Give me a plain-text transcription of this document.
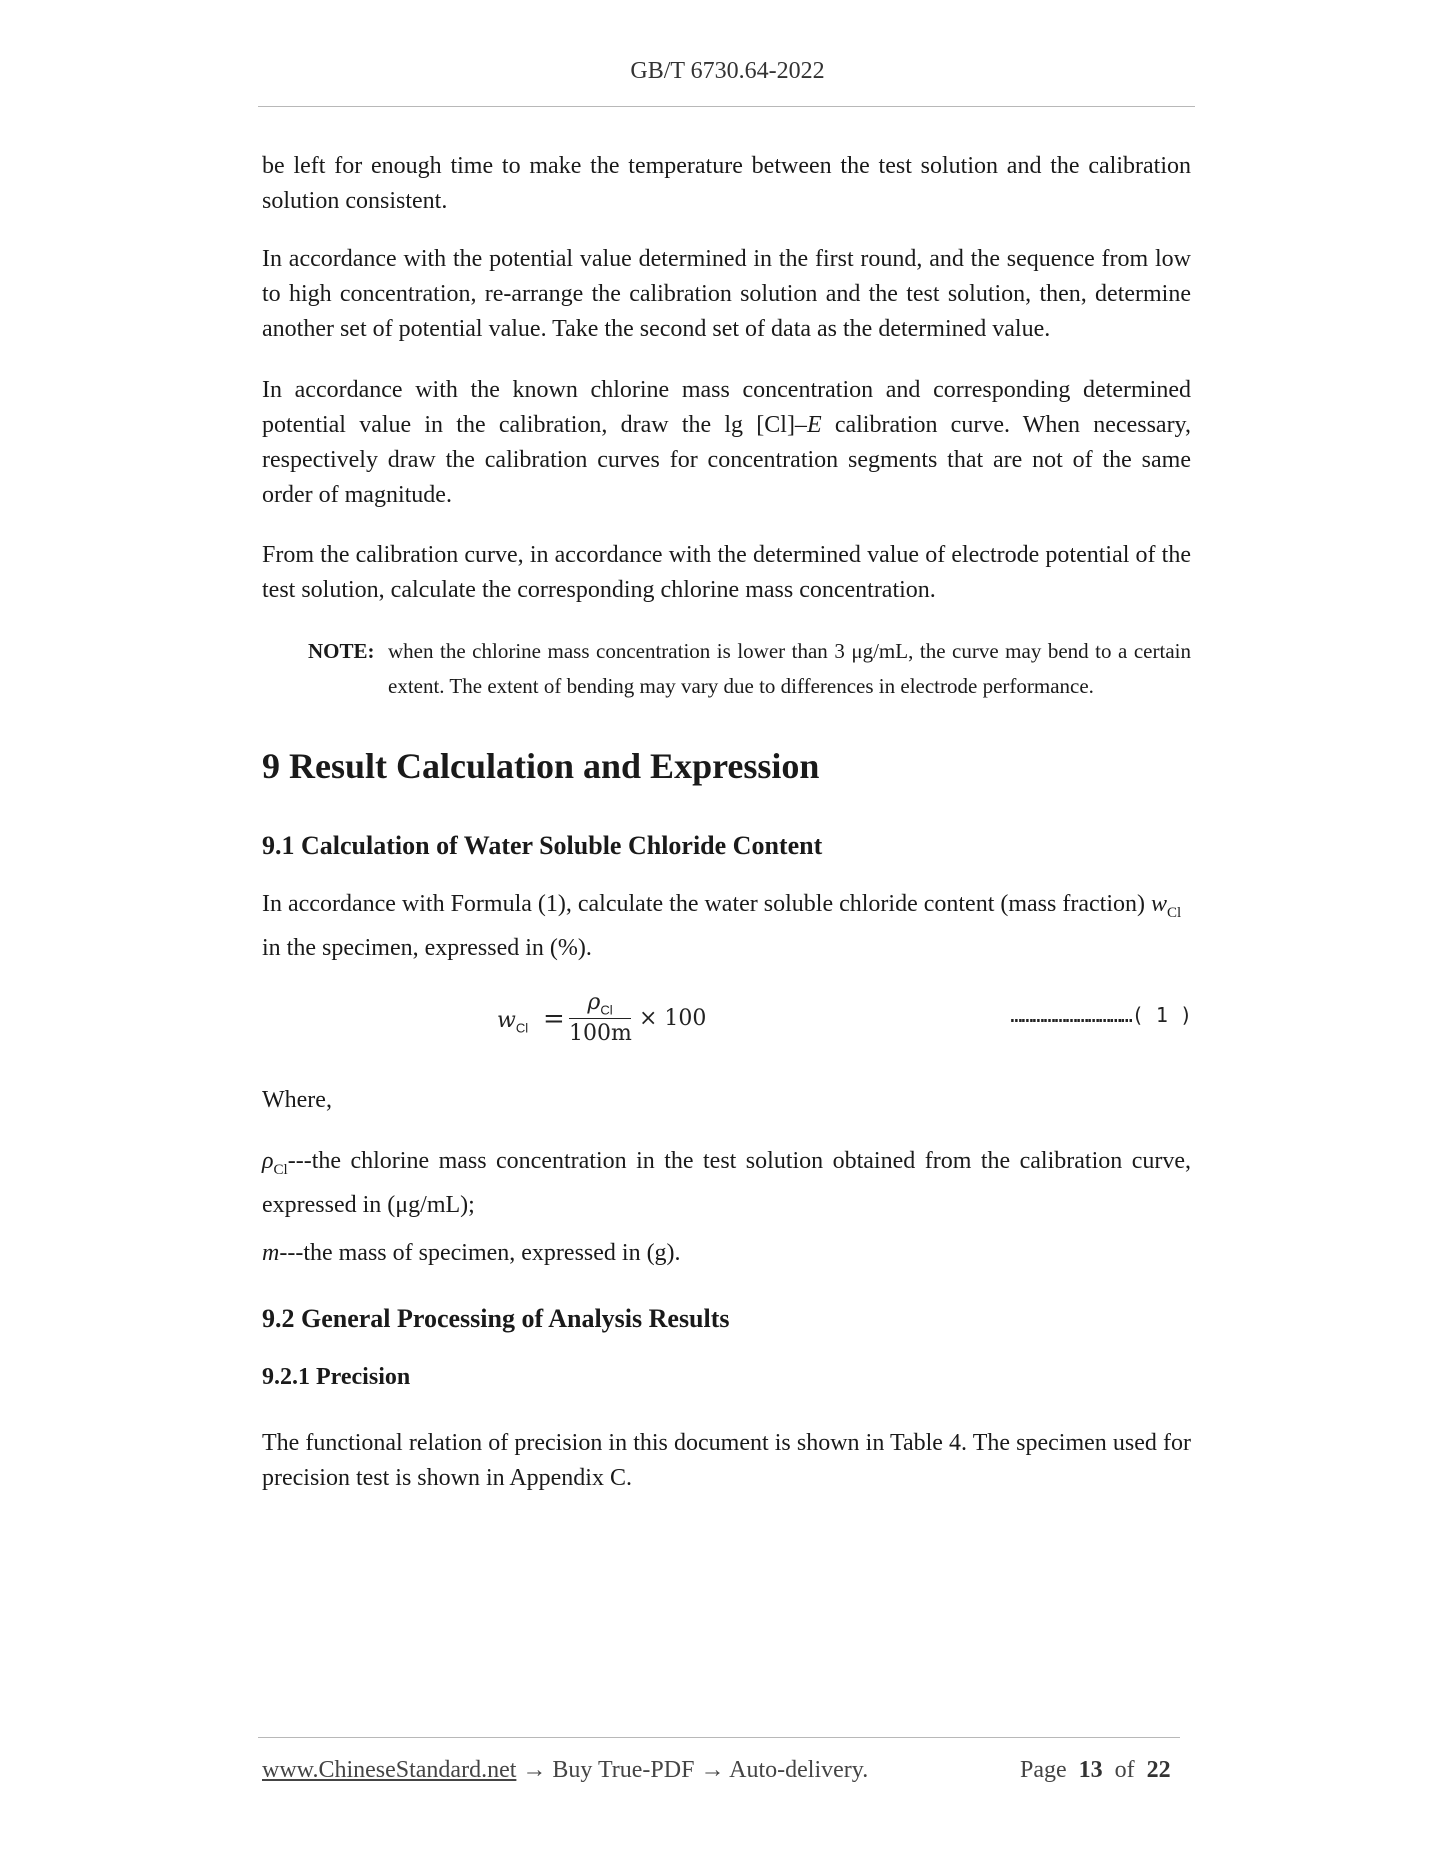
GB/T 6730.64-2022

be left for enough time to make the temperature between the test solution and the calibration solution consistent.

In accordance with the potential value determined in the first round, and the sequence from low to high concentration, re-arrange the calibration solution and the test solution, then, determine another set of potential value. Take the second set of data as the determined value.

In accordance with the known chlorine mass concentration and corresponding determined potential value in the calibration, draw the lg [Cl]–E calibration curve. When necessary, respectively draw the calibration curves for concentration segments that are not of the same order of magnitude.

From the calibration curve, in accordance with the determined value of electrode potential of the test solution, calculate the corresponding chlorine mass concentration.

NOTE: when the chlorine mass concentration is lower than 3 μg/mL, the curve may bend to a certain extent. The extent of bending may vary due to differences in electrode performance.
9 Result Calculation and Expression
9.1 Calculation of Water Soluble Chloride Content

In accordance with Formula (1), calculate the water soluble chloride content (mass fraction) $w_{Cl}$
in the specimen, expressed in (%).

$w_{Cl}$ =
$\rho_{Cl}$
100m
× 100	……………………………( 1 )

Where,

$\rho_{Cl}--$-the chlorine mass concentration in the test solution obtained from the calibration curve, expressed in (μg/mL);

m---the mass of specimen, expressed in (g).

9.2 General Processing of Analysis Results
9.2.1 Precision

The functional relation of precision in this document is shown in Table 4. The specimen used for precision test is shown in Appendix C.

www.ChineseStandard.net → Buy True-PDF → Auto-delivery.	Page 13 of 22
